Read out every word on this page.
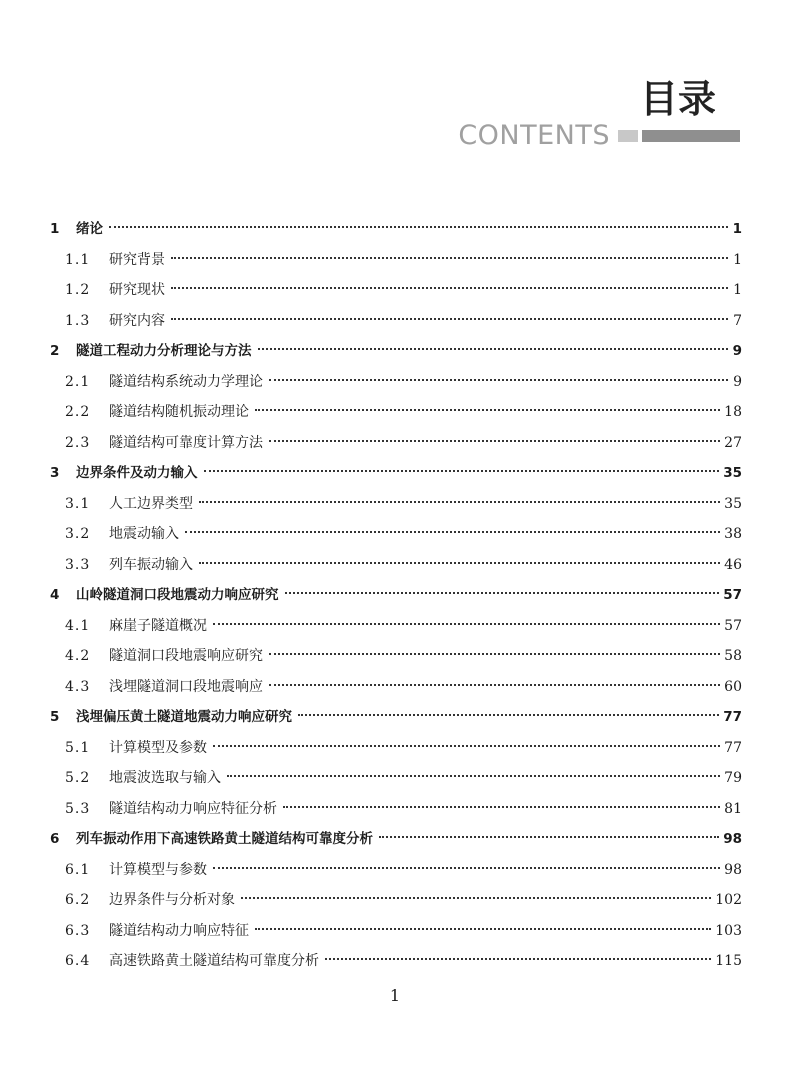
目录
CONTENTS
1	绪论	1
1.1	研究背景	1
1.2	研究现状	1
1.3	研究内容	7
2	隧道工程动力分析理论与方法	9
2.1	隧道结构系统动力学理论	9
2.2	隧道结构随机振动理论	18
2.3	隧道结构可靠度计算方法	27
3	边界条件及动力输入	35
3.1	人工边界类型	35
3.2	地震动输入	38
3.3	列车振动输入	46
4	山岭隧道洞口段地震动力响应研究	57
4.1	麻崖子隧道概况	57
4.2	隧道洞口段地震响应研究	58
4.3	浅埋隧道洞口段地震响应	60
5	浅埋偏压黄土隧道地震动力响应研究	77
5.1	计算模型及参数	77
5.2	地震波选取与输入	79
5.3	隧道结构动力响应特征分析	81
6	列车振动作用下高速铁路黄土隧道结构可靠度分析	98
6.1	计算模型与参数	98
6.2	边界条件与分析对象	102
6.3	隧道结构动力响应特征	103
6.4	高速铁路黄土隧道结构可靠度分析	115
1
